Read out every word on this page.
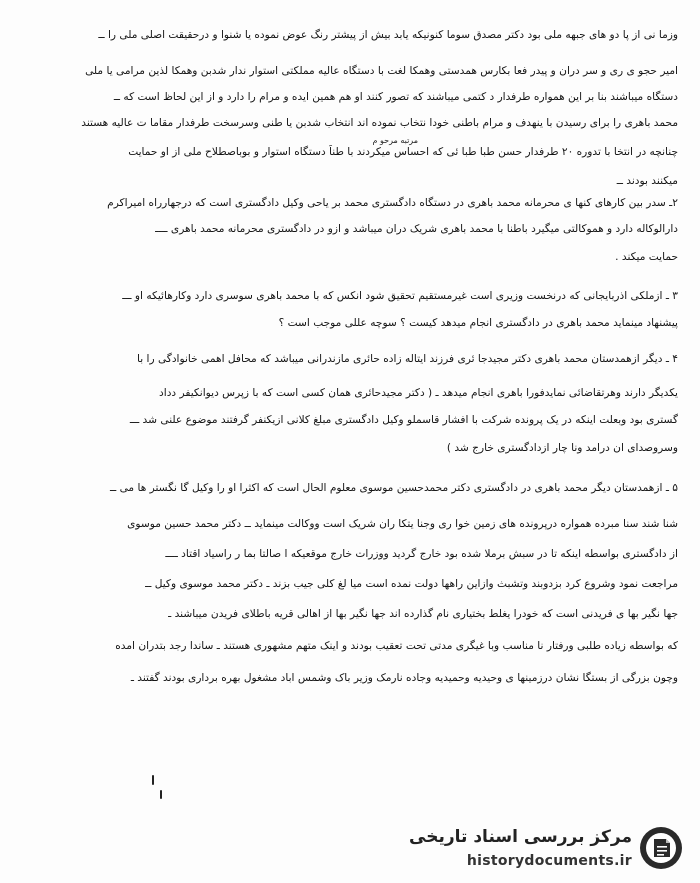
وزما نی از پا دو های جبهه ملی بود دکتر مصدق سوما کنونیکه یابد بیش از پیشتر رنگ عوض نموده یا شنوا و درحقیقت اصلی ملی را ــ
امیر حجو ی ری و سر دران و پیدر فعا بکارس همدستی وهمکا لغت با دستگاه عالیه مملکتی استوار ندار شدبن وهمکا لذین مرامی یا ملی
دستگاه میباشند بنا بر این همواره طرفدار د کتمی میباشند که تصور کنند او هم همین ایده و مرام را دارد و از این لحاظ است که ــ
محمد باهری را برای رسیدن با ینهدف و مرام باطنی خودا نتخاب نموده اند انتخاب شدبن یا طنی وسرسخت طرفدار مقاما ت عالیه هستند
مرتبه مرحو م
چنانچه در انتخا با تدوره ۲۰ طرفدار حسن طبا طبا ئی که احساس میکردند با طناً دستگاه استوار و بوباصطلاح ملی از او حمایت
میکنند بودند ــ
۲ـ سدر بین کارهای کنها ی محرمانه محمد باهری در دستگاه دادگستری محمد بر یاحی وکیل دادگستری است که درجهارراه امیراکرم
دارالوکاله دارد و هموکالتی میگیرد باطنا با محمد باهری شریک دران میباشد و ازو در دادگستری محرمانه محمد باهری ــــ
حمایت میکند .
۳ ـ ازملکی اذربایجانی که درنخست وزیری است غیرمستقیم تحقیق شود انکس که با محمد باهری سوسری دارد وکارهائیکه او ـــ
پیشنهاد مینماید محمد باهری در دادگستری انجام میدهد کیست ؟ سوچه عللی موجب است ؟
۴ ـ دیگر ازهمدستان محمد باهری دکتر مجیدجا ئری فرزند ایتاله زاده حائری مازندرانی میباشد که محافل اهمی خانوادگی را با
یکدیگر دارند وهرتقاضائی نمایدفورا باهری انجام میدهد ـ ( دکتر مجیدحائری همان کسی است که با زپرس دیوانکیفر دداد
گستری بود وبعلت اینکه در یک پرونده شرکت با افشار قاسملو وکیل دادگستری مبلغ کلانی ازیکنفر گرفتند موضوع علنی شد ـــ
وسروصدای ان درامد ونا چار ازدادگستری خارج شد )
۵ ـ ازهمدستان دیگر محمد باهری در دادگستری دکتر محمدحسین موسوی معلوم الحال است که اکثرا او را وکیل گا نگستر ها می ــ
شنا شند سنا مبرده همواره درپرونده های زمین خوا ری وجنا یتکا ران شریک است ووکالت مینماید ــ دکتر محمد حسین موسوی
از دادگستری بواسطه اینکه تا در سبش برملا شده بود خارج گردید ووزرات خارج موقعیکه ا صالتا بما ر راسیاد اقتاد ــــ
مراجعت نمود وشروع کرد بزدوبند وتشبث وازاین راهها دولت نمده است میا لغ کلی جیب بزند ـ دکتر محمد موسوی وکیل ــ
جها نگیر بها ی فریدنی است که خودرا یغلط بختیاری نام گذارده اند جها نگیر بها از اهالی قریه باطلای فریدن میباشند ـ
که بواسطه زیاده طلبی ورفتار نا مناسب وبا غیگری مدتی تحت تعقیب بودند و اینک متهم مشهوری هستند ـ ساندا رجد بتدران امده
وچون بزرگی از بستگا نشان درزمینها ی وحیدیه وحمیدیه وجاده نارمک وزیر باک وشمس اباد مشغول بهره برداری بودند گفتند ـ
مرکز بررسی اسناد تاریخی
historydocuments.ir
